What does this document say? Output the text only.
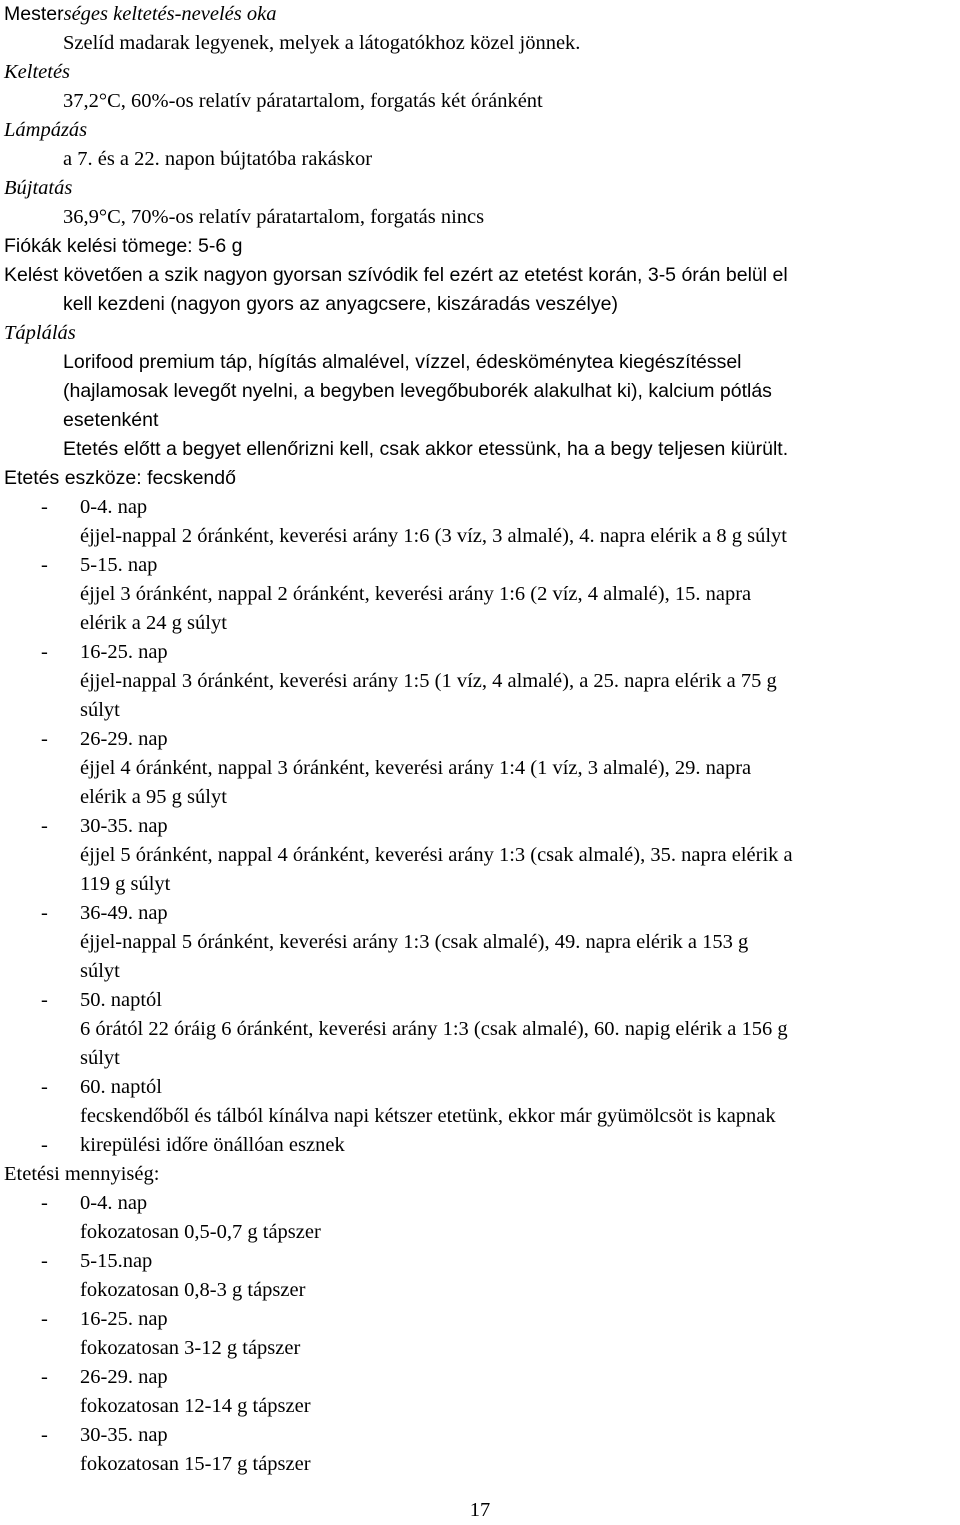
Mesterséges keltetés-nevelés oka
Szelíd madarak legyenek, melyek a látogatókhoz közel jönnek.
Keltetés
37,2°C, 60%-os relatív páratartalom, forgatás két óránként
Lámpázás
a 7. és a 22. napon bújtatóba rakáskor
Bújtatás
36,9°C, 70%-os relatív páratartalom, forgatás nincs
Fiókák kelési tömege: 5-6 g
Kelést követően a szik nagyon gyorsan szívódik fel ezért az etetést korán, 3-5 órán belül el
kell kezdeni (nagyon gyors az anyagcsere, kiszáradás veszélye)
Táplálás
Lorifood premium táp, hígítás almalével, vízzel, édesköménytea kiegészítéssel
(hajlamosak levegőt nyelni, a begyben levegőbuborék alakulhat ki), kalcium pótlás
esetenként
Etetés előtt a begyet ellenőrizni kell, csak akkor etessünk, ha a begy teljesen kiürült.
Etetés eszköze: fecskendő
- 0-4. nap
éjjel-nappal 2 óránként, keverési arány 1:6 (3 víz, 3 almalé), 4. napra elérik a 8 g súlyt
- 5-15. nap
éjjel 3 óránként, nappal 2 óránként, keverési arány 1:6 (2 víz, 4 almalé), 15. napra
elérik a 24 g súlyt
- 16-25. nap
éjjel-nappal 3 óránként, keverési arány 1:5 (1 víz, 4 almalé), a 25. napra elérik a 75 g
súlyt
- 26-29. nap
éjjel 4 óránként, nappal 3 óránként, keverési arány 1:4 (1 víz, 3 almalé), 29. napra
elérik a 95 g súlyt
- 30-35. nap
éjjel 5 óránként, nappal 4 óránként, keverési arány 1:3 (csak almalé), 35. napra elérik a
119 g súlyt
- 36-49. nap
éjjel-nappal 5 óránként, keverési arány 1:3 (csak almalé), 49. napra elérik a 153 g
súlyt
- 50. naptól
6 órától 22 óráig 6 óránként, keverési arány 1:3 (csak almalé), 60. napig elérik a 156 g
súlyt
- 60. naptól
fecskendőből és tálból kínálva napi kétszer etetünk, ekkor már gyümölcsöt is kapnak
- kirepülési időre önállóan esznek
Etetési mennyiség:
- 0-4. nap
fokozatosan 0,5-0,7 g tápszer
- 5-15.nap
fokozatosan 0,8-3 g tápszer
- 16-25. nap
fokozatosan 3-12 g tápszer
- 26-29. nap
fokozatosan 12-14 g tápszer
- 30-35. nap
fokozatosan 15-17 g tápszer
17
